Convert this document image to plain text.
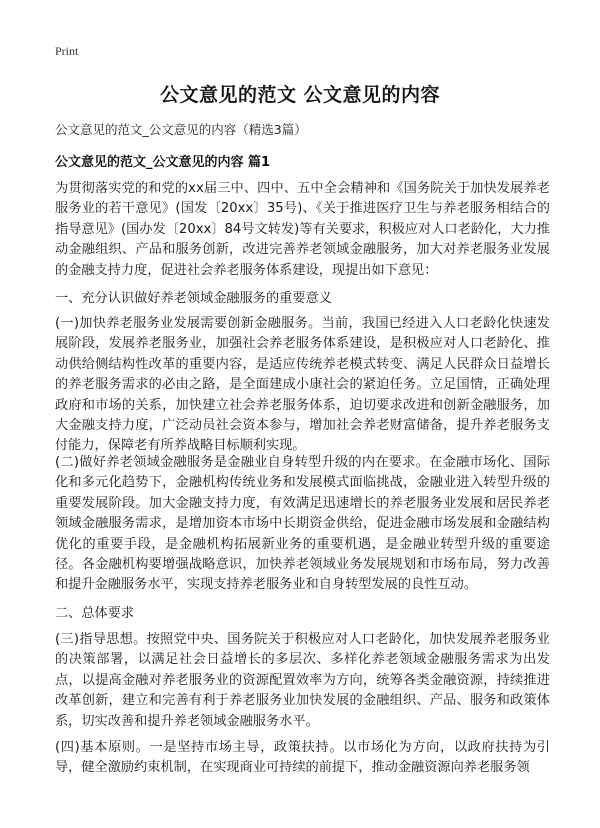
Print
公文意见的范文 公文意见的内容
公文意见的范文_公文意见的内容（精选3篇）
公文意见的范文_公文意见的内容 篇1

为贯彻落实党的和党的xx届三中、四中、五中全会精神和《国务院关于加快发展养老服务业的若干意见》(国发〔20xx〕35号)、《关于推进医疗卫生与养老服务相结合的指导意见》(国办发〔20xx〕84号文转发)等有关要求，积极应对人口老龄化，大力推动金融组织、产品和服务创新，改进完善养老领域金融服务，加大对养老服务业发展的金融支持力度，促进社会养老服务体系建设，现提出如下意见：

一、充分认识做好养老领域金融服务的重要意义

(一)加快养老服务业发展需要创新金融服务。当前，我国已经进入人口老龄化快速发展阶段，发展养老服务业，加强社会养老服务体系建设，是积极应对人口老龄化、推动供给侧结构性改革的重要内容，是适应传统养老模式转变、满足人民群众日益增长的养老服务需求的必由之路，是全面建成小康社会的紧迫任务。立足国情，正确处理政府和市场的关系，加快建立社会养老服务体系，迫切要求改进和创新金融服务，加大金融支持力度，广泛动员社会资本参与，增加社会养老财富储备，提升养老服务支付能力，保障老有所养战略目标顺利实现。

(二)做好养老领域金融服务是金融业自身转型升级的内在要求。在金融市场化、国际化和多元化趋势下，金融机构传统业务和发展模式面临挑战，金融业进入转型升级的重要发展阶段。加大金融支持力度，有效满足迅速增长的养老服务业发展和居民养老领域金融服务需求，是增加资本市场中长期资金供给，促进金融市场发展和金融结构优化的重要手段，是金融机构拓展新业务的重要机遇，是金融业转型升级的重要途径。各金融机构要增强战略意识，加快养老领域业务发展规划和市场布局，努力改善和提升金融服务水平，实现支持养老服务业和自身转型发展的良性互动。

二、总体要求

(三)指导思想。按照党中央、国务院关于积极应对人口老龄化，加快发展养老服务业的决策部署，以满足社会日益增长的多层次、多样化养老领域金融服务需求为出发点，以提高金融对养老服务业的资源配置效率为方向，统筹各类金融资源，持续推进改革创新，建立和完善有利于养老服务业加快发展的金融组织、产品、服务和政策体系，切实改善和提升养老领域金融服务水平。

(四)基本原则。一是坚持市场主导，政策扶持。以市场化为方向，以政府扶持为引导，健全激励约束机制，在实现商业可持续的前提下，推动金融资源向养老服务领
